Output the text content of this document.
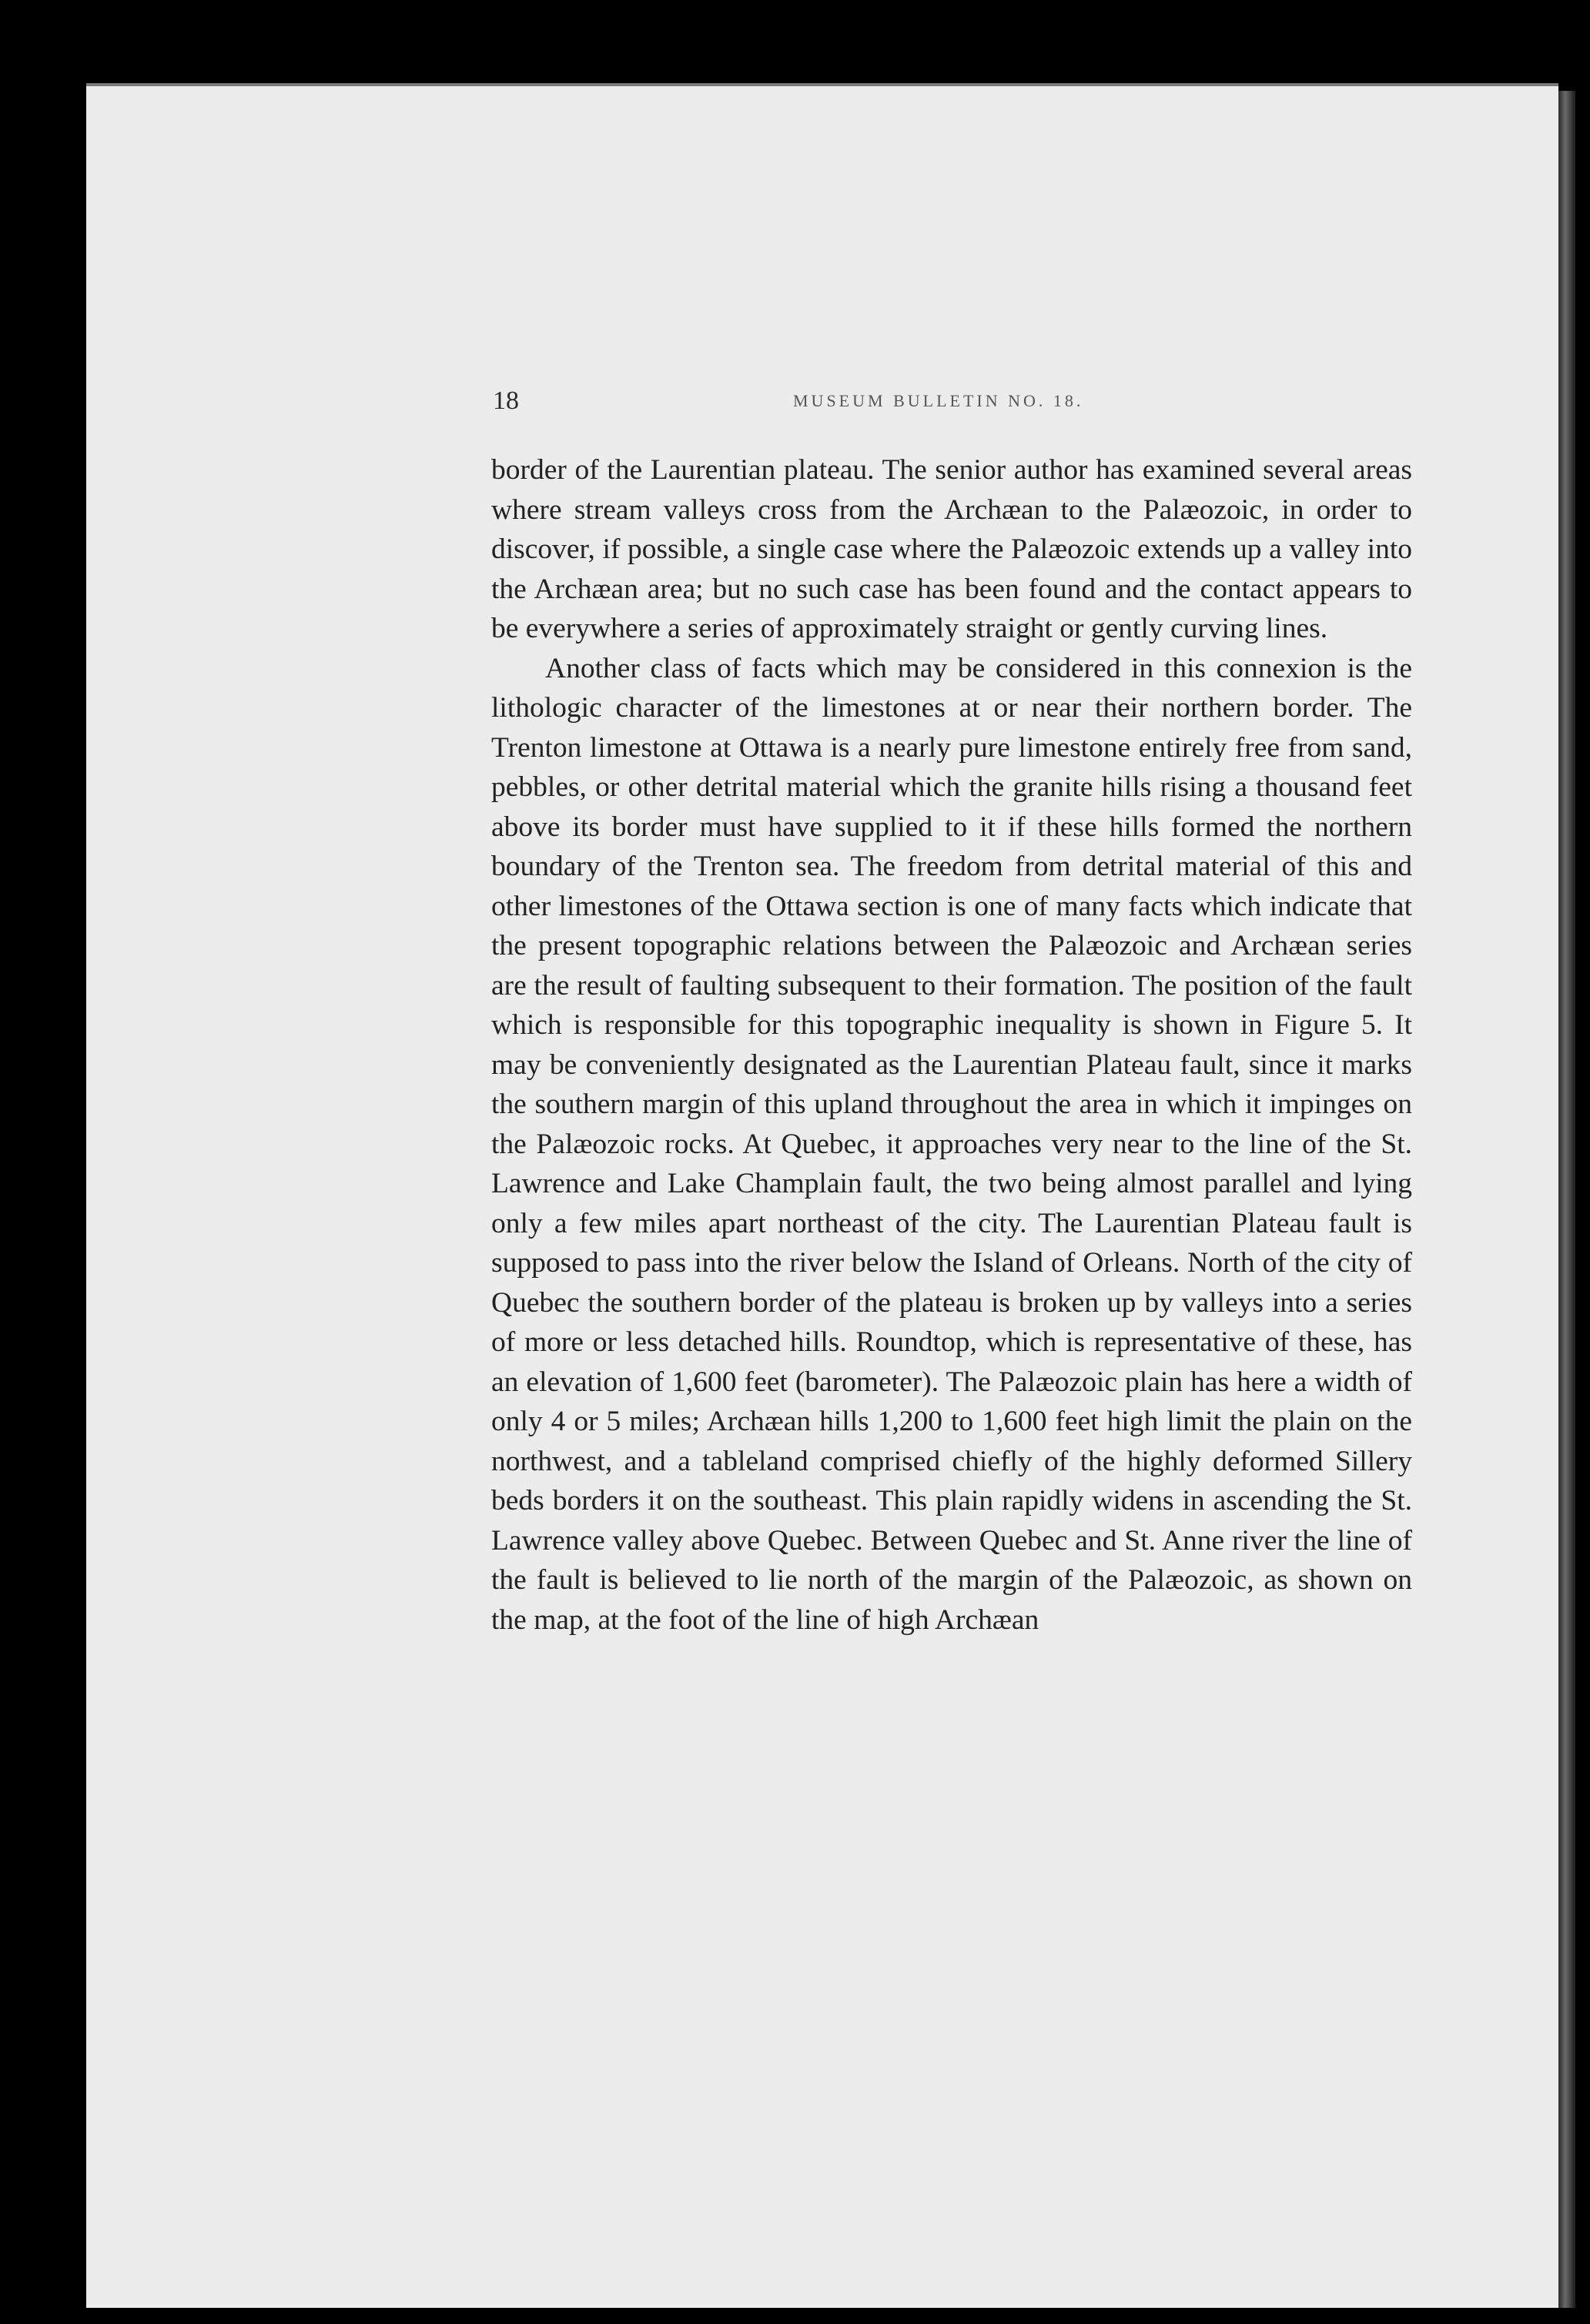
18	MUSEUM BULLETIN NO. 18.

border of the Laurentian plateau. The senior author has examined several areas where stream valleys cross from the Archæan to the Palæozoic, in order to discover, if possible, a single case where the Palæozoic extends up a valley into the Archæan area; but no such case has been found and the contact appears to be everywhere a series of approximately straight or gently curving lines.

Another class of facts which may be considered in this connexion is the lithologic character of the limestones at or near their northern border. The Trenton limestone at Ottawa is a nearly pure limestone entirely free from sand, pebbles, or other detrital material which the granite hills rising a thousand feet above its border must have supplied to it if these hills formed the northern boundary of the Trenton sea. The freedom from detrital material of this and other limestones of the Ottawa section is one of many facts which indicate that the present topographic relations between the Palæozoic and Archæan series are the result of faulting subsequent to their formation. The position of the fault which is responsible for this topographic inequality is shown in Figure 5. It may be conveniently designated as the Laurentian Plateau fault, since it marks the southern margin of this upland throughout the area in which it impinges on the Palæozoic rocks. At Quebec, it approaches very near to the line of the St. Lawrence and Lake Champlain fault, the two being almost parallel and lying only a few miles apart northeast of the city. The Laurentian Plateau fault is supposed to pass into the river below the Island of Orleans. North of the city of Quebec the southern border of the plateau is broken up by valleys into a series of more or less detached hills. Roundtop, which is representative of these, has an elevation of 1,600 feet (barometer). The Palæozoic plain has here a width of only 4 or 5 miles; Archæan hills 1,200 to 1,600 feet high limit the plain on the northwest, and a tableland comprised chiefly of the highly deformed Sillery beds borders it on the southeast. This plain rapidly widens in ascending the St. Lawrence valley above Quebec. Between Quebec and St. Anne river the line of the fault is believed to lie north of the margin of the Palæozoic, as shown on the map, at the foot of the line of high Archæan
